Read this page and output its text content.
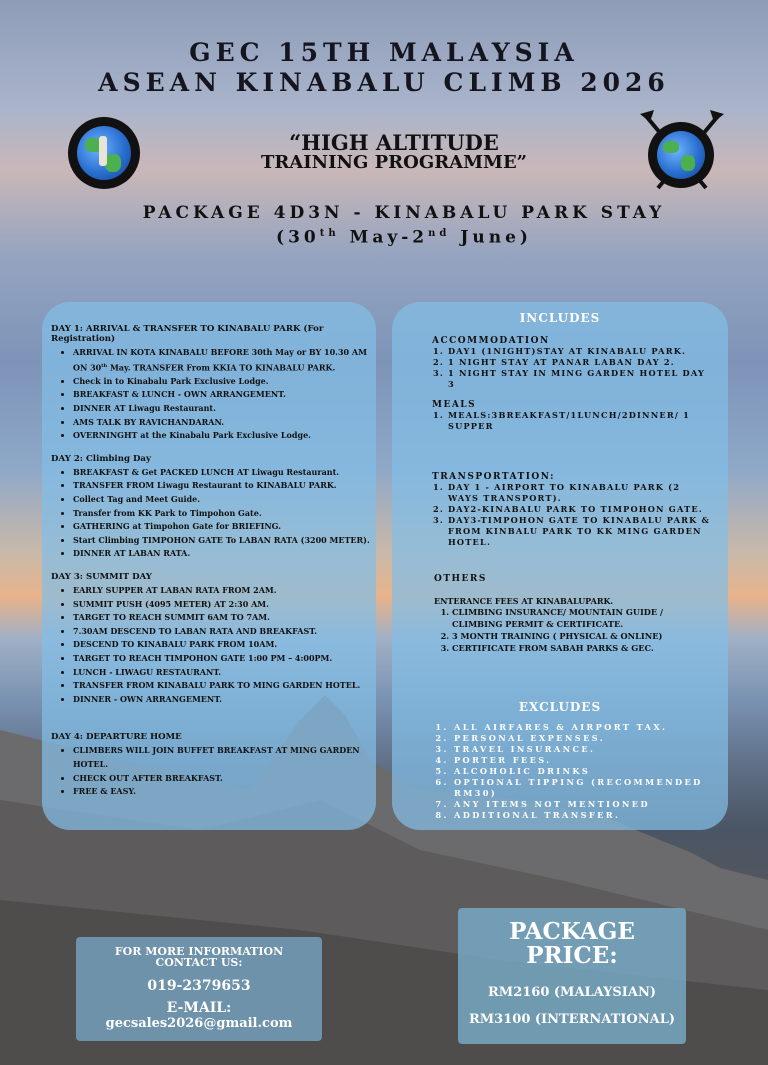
GEC 15TH MALAYSIA
ASEAN KINABALU CLIMB 2026
“HIGH ALTITUDE
TRAINING PROGRAMME”
PACKAGE 4D3N - KINABALU PARK STAY
(30th May-2nd June)
DAY 1: ARRIVAL & TRANSFER TO KINABALU PARK (For Registration)
• ARRIVAL IN KOTA KINABALU BEFORE 30th May or BY 10.30 AM ON 30th May. TRANSFER From KKIA TO KINABALU PARK.
• Check in to Kinabalu Park Exclusive Lodge.
• BREAKFAST & LUNCH - OWN ARRANGEMENT.
• DINNER AT Liwagu Restaurant.
• AMS TALK BY RAVICHANDARAN.
• OVERNINGHT at the Kinabalu Park Exclusive Lodge.
DAY 2: Climbing Day
• BREAKFAST & Get PACKED LUNCH AT Liwagu Restaurant.
• TRANSFER FROM Liwagu Restaurant to KINABALU PARK.
• Collect Tag and Meet Guide.
• Transfer from KK Park to Timpohon Gate.
• GATHERING at Timpohon Gate for BRIEFING.
• Start Climbing TIMPOHON GATE To LABAN RATA (3200 METER).
• DINNER AT LABAN RATA.
DAY 3: SUMMIT DAY
• EARLY SUPPER AT LABAN RATA FROM 2AM.
• SUMMIT PUSH (4095 METER) AT 2:30 AM.
• TARGET TO REACH SUMMIT 6AM TO 7AM.
• 7.30AM DESCEND TO LABAN RATA AND BREAKFAST.
• DESCEND TO KINABALU PARK FROM 10AM.
• TARGET TO REACH TIMPOHON GATE 1:00 PM – 4:00PM.
• LUNCH - LIWAGU RESTAURANT.
• TRANSFER FROM KINABALU PARK TO MING GARDEN HOTEL.
• DINNER - OWN ARRANGEMENT.
DAY 4: DEPARTURE HOME
• CLIMBERS WILL JOIN BUFFET BREAKFAST AT MING GARDEN HOTEL.
• CHECK OUT AFTER BREAKFAST.
• FREE & EASY.
INCLUDES
ACCOMMODATION
1. DAY1 (1NIGHT)STAY AT KINABALU PARK.
2. 1 NIGHT STAY AT PANAR LABAN DAY 2.
3. 1 NIGHT STAY IN MING GARDEN HOTEL DAY 3
MEALS
1. MEALS:3BREAKFAST/1LUNCH/2DINNER/ 1 SUPPER
TRANSPORTATION:
1. DAY 1 - AIRPORT TO KINABALU PARK (2 WAYS TRANSPORT).
2. DAY2-KINABALU PARK TO TIMPOHON GATE.
3. DAY3-TIMPOHON GATE TO KINABALU PARK & FROM KINBALU PARK TO KK MING GARDEN HOTEL.
OTHERS
ENTERANCE FEES AT KINABALUPARK.
1. CLIMBING INSURANCE/ MOUNTAIN GUIDE / CLIMBING PERMIT & CERTIFICATE.
2. 3 MONTH TRAINING ( PHYSICAL & ONLINE)
3. CERTIFICATE FROM SABAH PARKS & GEC.
EXCLUDES
1. ALL AIRFARES & AIRPORT TAX.
2. PERSONAL EXPENSES.
3. TRAVEL INSURANCE.
4. PORTER FEES.
5. ALCOHOLIC DRINKS
6. OPTIONAL TIPPING (RECOMMENDED RM30)
7. ANY ITEMS NOT MENTIONED
8. ADDITIONAL TRANSFER.
FOR MORE INFORMATION
CONTACT US:
019-2379653
E-MAIL:
gecsales2026@gmail.com
PACKAGE
PRICE:
RM2160 (MALAYSIAN)
RM3100 (INTERNATIONAL)
